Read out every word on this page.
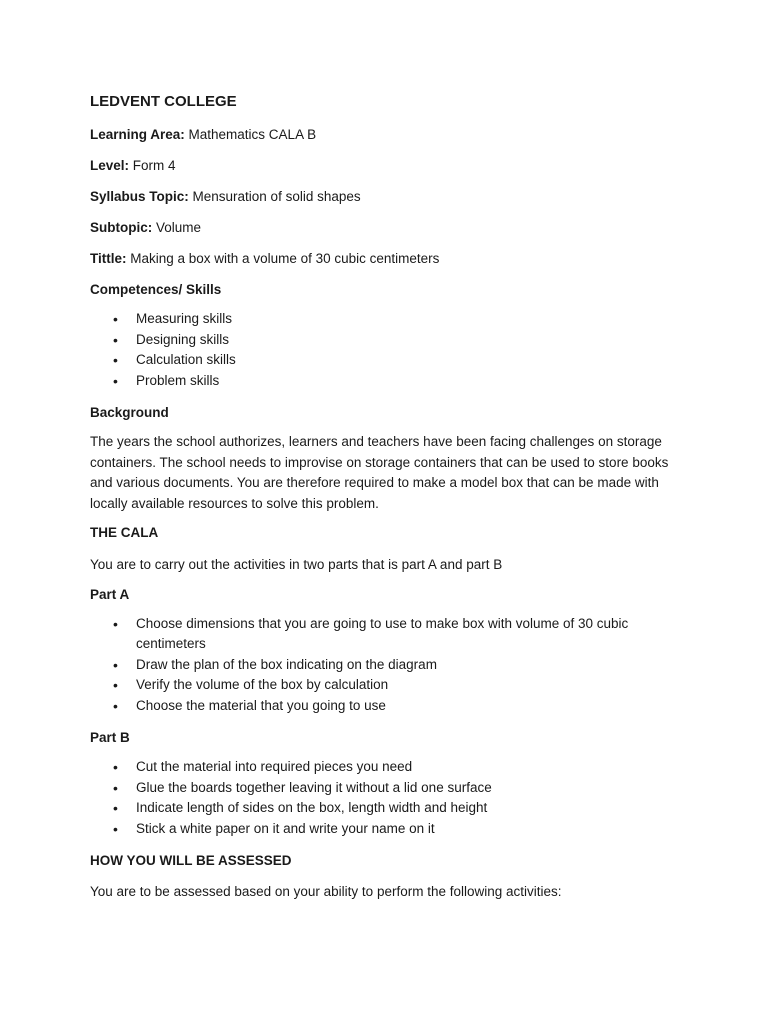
LEDVENT COLLEGE
Learning Area: Mathematics CALA B
Level: Form 4
Syllabus Topic: Mensuration of solid shapes
Subtopic: Volume
Tittle: Making a box with a volume of 30 cubic centimeters
Competences/ Skills
• Measuring skills
• Designing skills
• Calculation skills
• Problem skills
Background
The years the school authorizes, learners and teachers have been facing challenges on storage containers. The school needs to improvise on storage containers that can be used to store books and various documents. You are therefore required to make a model box that can be made with locally available resources to solve this problem.
THE CALA
You are to carry out the activities in two parts that is part A and part B
Part A
• Choose dimensions that you are going to use to make box with volume of 30 cubic centimeters
• Draw the plan of the box indicating on the diagram
• Verify the volume of the box by calculation
• Choose the material that you going to use
Part B
• Cut the material into required pieces you need
• Glue the boards together leaving it without a lid one surface
• Indicate length of sides on the box, length width and height
• Stick a white paper on it and write your name on it
HOW YOU WILL BE ASSESSED
You are to be assessed based on your ability to perform the following activities:
